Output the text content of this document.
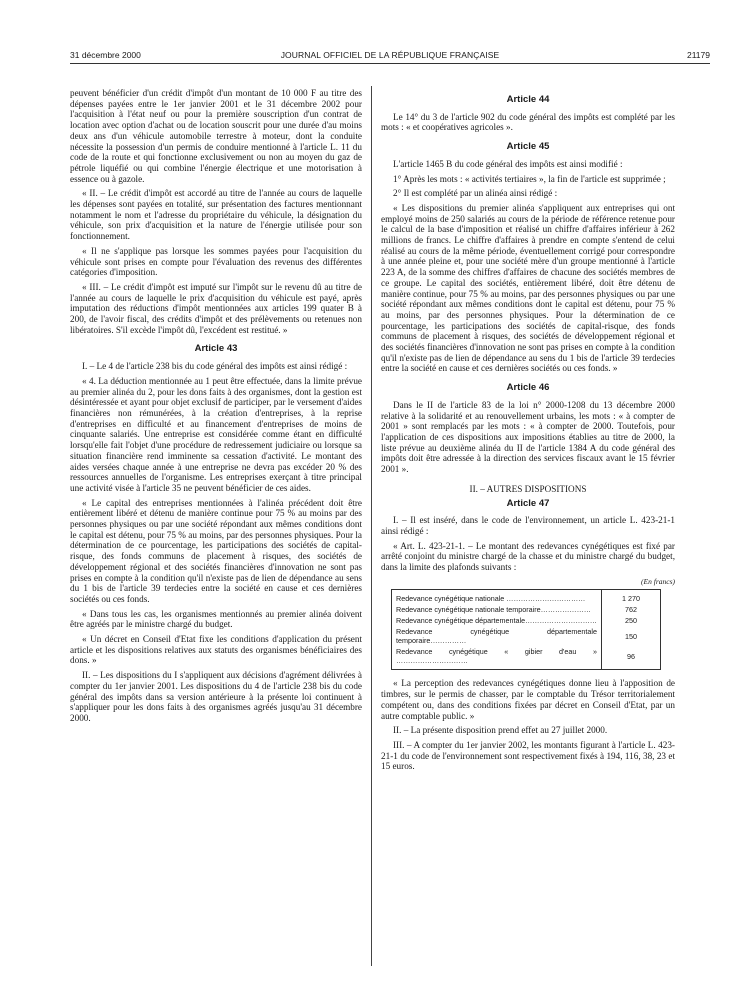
31 décembre 2000	JOURNAL OFFICIEL DE LA RÉPUBLIQUE FRANÇAISE	21179

peuvent bénéficier d'un crédit d'impôt d'un montant de 10 000 F au titre des dépenses payées entre le 1er janvier 2001 et le 31 décembre 2002 pour l'acquisition à l'état neuf ou pour la première souscription d'un contrat de location avec option d'achat ou de location souscrit pour une durée d'au moins deux ans d'un véhicule automobile terrestre à moteur, dont la conduite nécessite la possession d'un permis de conduire mentionné à l'article L. 11 du code de la route et qui fonctionne exclusivement ou non au moyen du gaz de pétrole liquéfié ou qui combine l'énergie électrique et une motorisation à essence ou à gazole.

« II. – Le crédit d'impôt est accordé au titre de l'année au cours de laquelle les dépenses sont payées en totalité, sur présentation des factures mentionnant notamment le nom et l'adresse du propriétaire du véhicule, la désignation du véhicule, son prix d'acquisition et la nature de l'énergie utilisée pour son fonctionnement.

« Il ne s'applique pas lorsque les sommes payées pour l'acquisition du véhicule sont prises en compte pour l'évaluation des revenus des différentes catégories d'imposition.

« III. – Le crédit d'impôt est imputé sur l'impôt sur le revenu dû au titre de l'année au cours de laquelle le prix d'acquisition du véhicule est payé, après imputation des réductions d'impôt mentionnées aux articles 199 quater B à 200, de l'avoir fiscal, des crédits d'impôt et des prélèvements ou retenues non libératoires. S'il excède l'impôt dû, l'excédent est restitué. »

Article 43

I. – Le 4 de l'article 238 bis du code général des impôts est ainsi rédigé :

« 4. La déduction mentionnée au 1 peut être effectuée, dans la limite prévue au premier alinéa du 2, pour les dons faits à des organismes, dont la gestion est désintéressée et ayant pour objet exclusif de participer, par le versement d'aides financières non rémunérées, à la création d'entreprises, à la reprise d'entreprises en difficulté et au financement d'entreprises de moins de cinquante salariés. Une entreprise est considérée comme étant en difficulté lorsqu'elle fait l'objet d'une procédure de redressement judiciaire ou lorsque sa situation financière rend imminente sa cessation d'activité. Le montant des aides versées chaque année à une entreprise ne devra pas excéder 20 % des ressources annuelles de l'organisme. Les entreprises exerçant à titre principal une activité visée à l'article 35 ne peuvent bénéficier de ces aides.

« Le capital des entreprises mentionnées à l'alinéa précédent doit être entièrement libéré et détenu de manière continue pour 75 % au moins par des personnes physiques ou par une société répondant aux mêmes conditions dont le capital est détenu, pour 75 % au moins, par des personnes physiques. Pour la détermination de ce pourcentage, les participations des sociétés de capital-risque, des fonds communs de placement à risques, des sociétés de développement régional et des sociétés financières d'innovation ne sont pas prises en compte à la condition qu'il n'existe pas de lien de dépendance au sens du 1 bis de l'article 39 terdecies entre la société en cause et ces dernières sociétés ou ces fonds.

« Dans tous les cas, les organismes mentionnés au premier alinéa doivent être agréés par le ministre chargé du budget.

« Un décret en Conseil d'Etat fixe les conditions d'application du présent article et les dispositions relatives aux statuts des organismes bénéficiaires des dons. »

II. – Les dispositions du I s'appliquent aux décisions d'agrément délivrées à compter du 1er janvier 2001. Les dispositions du 4 de l'article 238 bis du code général des impôts dans sa version antérieure à la présente loi continuent à s'appliquer pour les dons faits à des organismes agréés jusqu'au 31 décembre 2000.

Article 44

Le 14° du 3 de l'article 902 du code général des impôts est complété par les mots : « et coopératives agricoles ».

Article 45

L'article 1465 B du code général des impôts est ainsi modifié :

1° Après les mots : « activités tertiaires », la fin de l'article est supprimée ;

2° Il est complété par un alinéa ainsi rédigé :

« Les dispositions du premier alinéa s'appliquent aux entreprises qui ont employé moins de 250 salariés au cours de la période de référence retenue pour le calcul de la base d'imposition et réalisé un chiffre d'affaires inférieur à 262 millions de francs. Le chiffre d'affaires à prendre en compte s'entend de celui réalisé au cours de la même période, éventuellement corrigé pour correspondre à une année pleine et, pour une société mère d'un groupe mentionné à l'article 223 A, de la somme des chiffres d'affaires de chacune des sociétés membres de ce groupe. Le capital des sociétés, entièrement libéré, doit être détenu de manière continue, pour 75 % au moins, par des personnes physiques ou par une société répondant aux mêmes conditions dont le capital est détenu, pour 75 % au moins, par des personnes physiques. Pour la détermination de ce pourcentage, les participations des sociétés de capital-risque, des fonds communs de placement à risques, des sociétés de développement régional et des sociétés financières d'innovation ne sont pas prises en compte à la condition qu'il n'existe pas de lien de dépendance au sens du 1 bis de l'article 39 terdecies entre la société en cause et ces dernières sociétés ou ces fonds. »

Article 46

Dans le II de l'article 83 de la loi n° 2000-1208 du 13 décembre 2000 relative à la solidarité et au renouvellement urbains, les mots : « à compter de 2001 » sont remplacés par les mots : « à compter de 2000. Toutefois, pour l'application de ces dispositions aux impositions établies au titre de 2000, la liste prévue au deuxième alinéa du II de l'article 1384 A du code général des impôts doit être adressée à la direction des services fiscaux avant le 15 février 2001 ».

II. – AUTRES DISPOSITIONS
Article 47

I. – Il est inséré, dans le code de l'environnement, un article L. 423-21-1 ainsi rédigé :

« Art. L. 423-21-1. – Le montant des redevances cynégétiques est fixé par arrêté conjoint du ministre chargé de la chasse et du ministre chargé du budget, dans la limite des plafonds suivants :

(En francs)
Redevance cynégétique nationale ……………………………	1 270
Redevance cynégétique nationale temporaire…………………	762
Redevance cynégétique départementale…………………………	250
Redevance cynégétique départementale temporaire……………	150
Redevance cynégétique « gibier d'eau » …………………………	96

« La perception des redevances cynégétiques donne lieu à l'apposition de timbres, sur le permis de chasser, par le comptable du Trésor territorialement compétent ou, dans des conditions fixées par décret en Conseil d'Etat, par un autre comptable public. »

II. – La présente disposition prend effet au 27 juillet 2000.

III. – A compter du 1er janvier 2002, les montants figurant à l'article L. 423-21-1 du code de l'environnement sont respectivement fixés à 194, 116, 38, 23 et 15 euros.
